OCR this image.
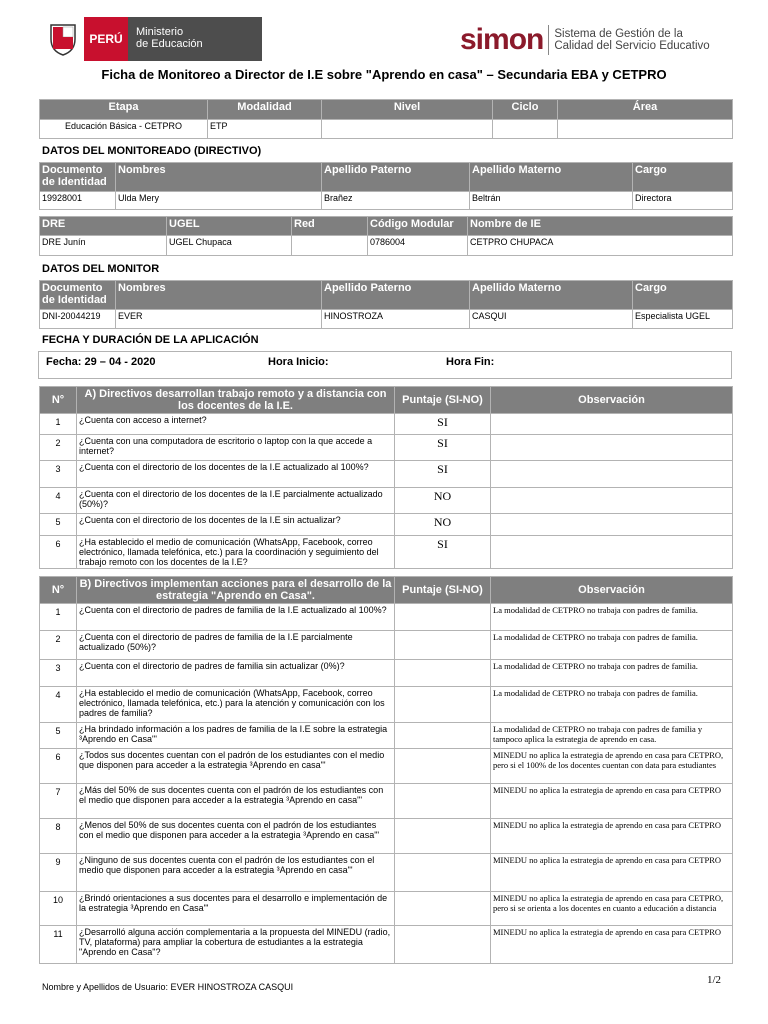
PERÚ	Ministerio
de Educación	simon Sistema de Gestión de la
Calidad del Servicio Educativo
Ficha de Monitoreo a Director de I.E sobre "Aprendo en casa" – Secundaria EBA y CETPRO
Etapa	Modalidad	Nivel	Ciclo	Área
Educación Básica - CETPRO	ETP			
DATOS DEL MONITOREADO (DIRECTIVO)
Documento de Identidad	Nombres	Apellido Paterno	Apellido Materno	Cargo
19928001	Ulda Mery	Brañez	Beltrán	Directora
DRE	UGEL	Red	Código Modular	Nombre de IE
DRE Junín	UGEL Chupaca		0786004	CETPRO CHUPACA
DATOS DEL MONITOR
Documento de Identidad	Nombres	Apellido Paterno	Apellido Materno	Cargo
DNI-20044219	EVER	HINOSTROZA	CASQUI	Especialista UGEL
FECHA Y DURACIÓN DE LA APLICACIÓN
Fecha: 29 – 04 - 2020	Hora Inicio:	Hora Fin:
N°	A) Directivos desarrollan trabajo remoto y a distancia con los docentes de la I.E.	Puntaje (SI-NO)	Observación
1	¿Cuenta con acceso a internet?	SI	
2	¿Cuenta con una computadora de escritorio o laptop con la que accede a internet?	SI	
3	¿Cuenta con el directorio de los docentes de la I.E actualizado al 100%?	SI	
4	¿Cuenta con el directorio de los docentes de la I.E parcialmente actualizado (50%)?	NO	
5	¿Cuenta con el directorio de los docentes de la I.E sin actualizar?	NO	
6	¿Ha establecido el medio de comunicación (WhatsApp, Facebook, correo electrónico, llamada telefónica, etc.) para la coordinación y seguimiento del trabajo remoto con los docentes de la I.E?	SI	
N°	B) Directivos implementan acciones para el desarrollo de la estrategia "Aprendo en Casa".	Puntaje (SI-NO)	Observación
1	¿Cuenta con el directorio de padres de familia de la I.E actualizado al 100%?		La modalidad de CETPRO no trabaja con padres de familia.
2	¿Cuenta con el directorio de padres de familia de la I.E parcialmente actualizado (50%)?		La modalidad de CETPRO no trabaja con padres de familia.
3	¿Cuenta con el directorio de padres de familia sin actualizar (0%)?		La modalidad de CETPRO no trabaja con padres de familia.
4	¿Ha establecido el medio de comunicación (WhatsApp, Facebook, correo electrónico, llamada telefónica, etc.) para la atención y comunicación con los padres de familia?		La modalidad de CETPRO no trabaja con padres de familia.
5	¿Ha brindado información a los padres de familia de la I.E sobre la estrategia ³Aprendo en Casa"'		La modalidad de CETPRO no trabaja con padres de familia y tampoco aplica la estrategia de aprendo en casa.
6	¿Todos sus docentes cuentan con el padrón de los estudiantes con el medio que disponen para acceder a la estrategia ³Aprendo en casa"'		MINEDU no aplica la estrategia de aprendo en casa para CETPRO, pero si el 100% de los docentes cuentan con data para estudiantes
7	¿Más del 50% de sus docentes cuenta con el padrón de los estudiantes con el medio que disponen para acceder a la estrategia ³Aprendo en casa"'		MINEDU no aplica la estrategia de aprendo en casa para CETPRO
8	¿Menos del 50% de sus docentes cuenta con el padrón de los estudiantes con el medio que disponen para acceder a la estrategia ³Aprendo en casa"'		MINEDU no aplica la estrategia de aprendo en casa para CETPRO
9	¿Ninguno de sus docentes cuenta con el padrón de los estudiantes con el medio que disponen para acceder a la estrategia ³Aprendo en casa"'		MINEDU no aplica la estrategia de aprendo en casa para CETPRO
10	¿Brindó orientaciones a sus docentes para el desarrollo e implementación de la estrategia ³Aprendo en Casa"'		MINEDU no aplica la estrategia de aprendo en casa para CETPRO, pero si se orienta a los docentes en cuanto a educación a distancia
11	¿Desarrolló alguna acción complementaria a la propuesta del MINEDU (radio, TV, plataforma) para ampliar la cobertura de estudiantes a la estrategia "Aprendo en Casa"?		MINEDU no aplica la estrategia de aprendo en casa para CETPRO
Nombre y Apellidos de Usuario: EVER HINOSTROZA CASQUI
1/2
